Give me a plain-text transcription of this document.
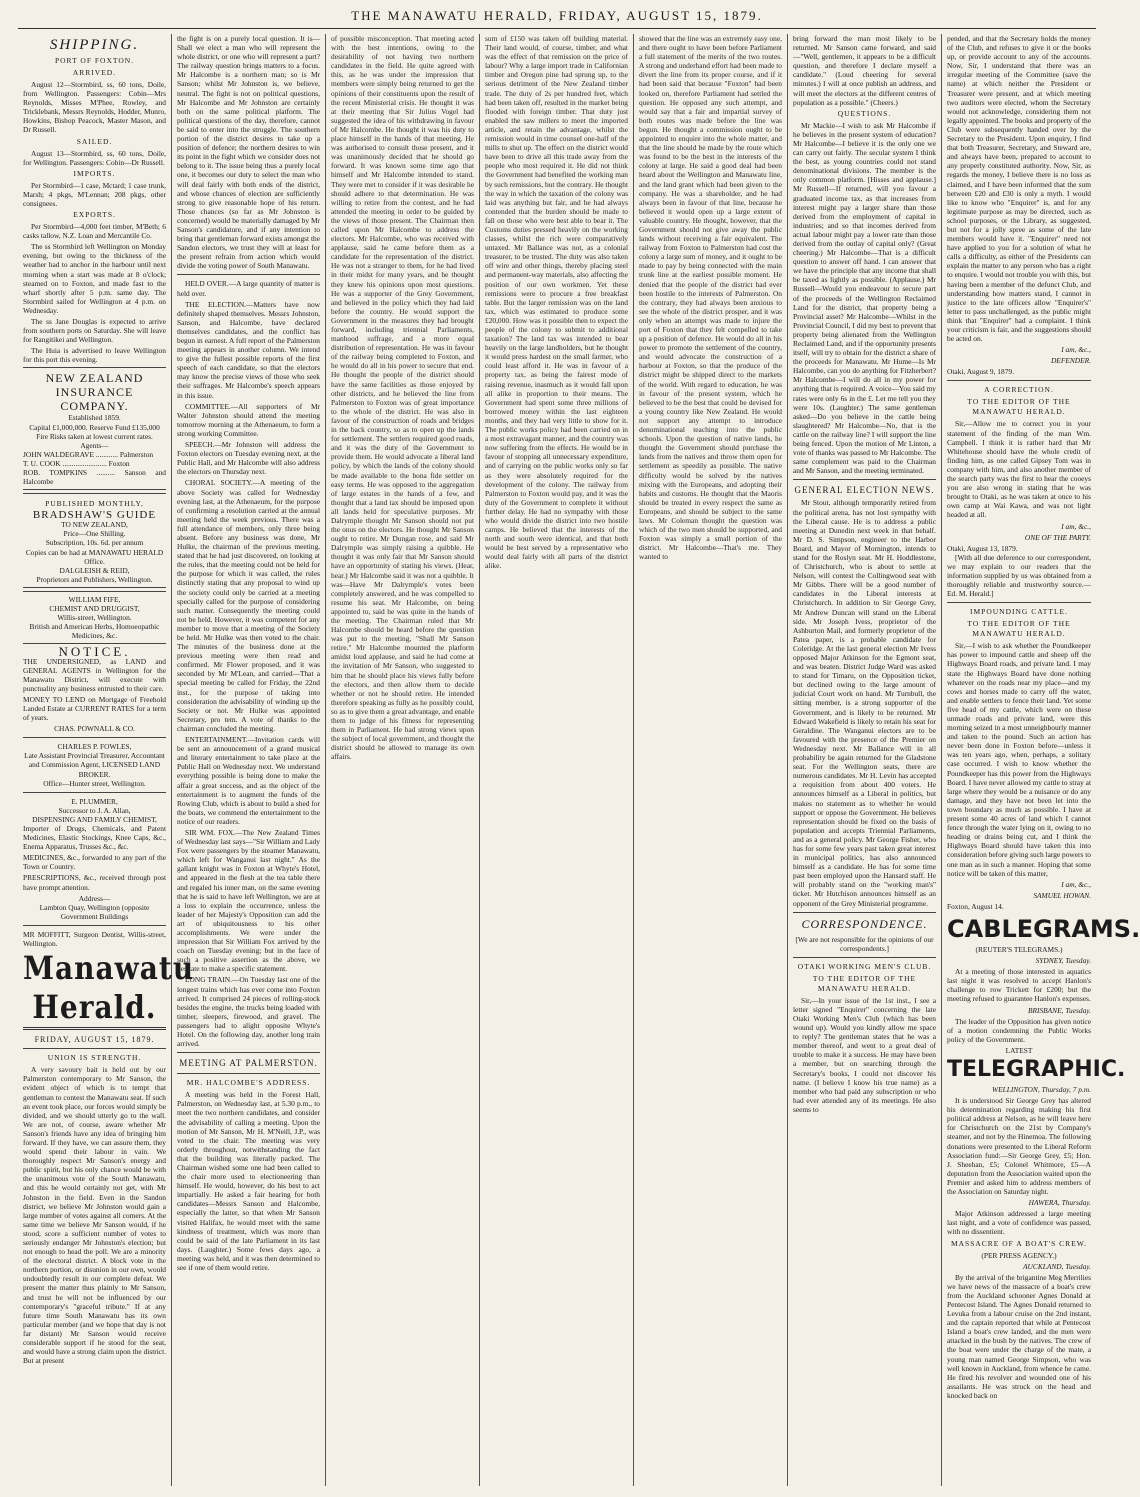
THE MANAWATU HERALD, FRIDAY, AUGUST 15, 1879.
SHIPPING.
PORT OF FOXTON.
ARRIVED.

August 12—Stormbird, ss, 60 tons, Doile, from Wellington. Passengers: Cobin—Mrs Reynolds, Misses M'Phee, Rowley, and Tricklebank, Messrs Reynolds, Hodder, Munro, Howkins, Bishop Peacock, Master Mason, and Dr Russell.

SAILED.

August 13—Stormbird, ss, 60 tons, Doile, for Wellington. Passengers: Cobin—Dr Russell.

IMPORTS.

Per Stormbird—1 case, Mctard; 1 case trunk, Marsh; 4 pkgs, M'Lennan; 208 pkgs, other consignees.

EXPORTS.

Per Stormbird—4,000 feet timber, M'Beth; 6 casks tallow, N.Z. Loan and Mercantile Co.

The ss Stormbird left Wellington on Monday evening, but owing to the thickness of the weather had to anchor in the harbour until next morning when a start was made at 8 o'clock; steamed on to Foxton, and made fast to the wharf shortly after 5 p.m. same day. The Stormbird sailed for Wellington at 4 p.m. on Wednesday.

The ss Jane Douglas is expected to arrive from southern ports on Saturday. She will leave for Rangitikei and Wellington.

The Huia is advertised to leave Wellington for this port this evening.

NEW ZEALAND INSURANCE COMPANY.
Established 1859.
Capital £1,000,000. Reserve Fund £135,000
Fire Risks taken at lowest current rates.
Agents—
JOHN WALDEGRAVE ............ Palmerston
T. U. COOK ........................ Foxton
ROB. TOMPKINS .......... Sanson and Halcombe
PUBLISHED MONTHLY,
BRADSHAW'S GUIDE
TO NEW ZEALAND,
Price—One Shilling.
Subscription, 10s. 6d. per annum
Copies can be had at MANAWATU HERALD Office.
DALGLEISH & REID,
Proprietors and Publishers, Wellington.
WILLIAM FIFE,
CHEMIST AND DRUGGIST,
Willis-street, Wellington.
British and American Herbs, Homoeopathic Medicines, &c.
NOTICE.

THE UNDERSIGNED, as LAND and GENERAL AGENTS in Wellington for the Manawatu District, will execute with punctuality any business entrusted to their care.

MONEY TO LEND on Mortgage of Freehold Landed Estate at CURRENT RATES for a term of years.

CHAS. POWNALL & CO.
CHARLES P. FOWLES,
Late Assistant Provincial Treasurer, Accountant and Commission Agent, LICENSED LAND BROKER.
Office—Hunter street, Wellington.
E. PLUMMER,
Successor to J. A. Allan,
DISPENSING AND FAMILY CHEMIST,

Importer of Drugs, Chemicals, and Patent Medicines, Elastic Stockings, Knee Caps, &c., Enema Apparatus, Trusses &c., &c.

MEDICINES, &c., forwarded to any part of the Town or Country.

PRESCRIPTIONS, &c., received through post have prompt attention.

Address—
Lambton Quay, Wellington (opposite Government Buildings

MR MOFFITT, Surgeon Dentist, Willis-street, Wellington.

Manawatu Herald.
FRIDAY, AUGUST 15, 1879.
UNION IS STRENGTH.

A very savoury bait is held out by our Palmerston contemporary to Mr Sanson, the evident object of which is to tempt that gentleman to contest the Manawatu seat. If such an event took place, our forces would simply be divided, and we should utterly go to the wall. We are not, of course, aware whether Mr Sanson's friends have any idea of bringing him forward. If they have, we can assure them, they would spend their labour in vain. We thoroughly respect Mr Sanson's energy and public spirit, but his only chance would be with the unanimous vote of the South Manawatu, and this he would certainly not get, with Mr Johnston in the field. Even in the Sandon district, we believe Mr Johnston would gain a large number of votes against all comers. At the same time we believe Mr Sanson would, if he stood, score a sufficient number of votes to seriously endanger Mr Johnston's election; but not enough to head the poll. We are a minority of the electoral district. A block vote in the northern portion, or disunion in our own, would undoubtedly result in our complete defeat. We present the matter thus plainly to Mr Sanson, and trust he will not be influenced by our contemporary's "graceful tribute." If at any future time South Manawatu has its own particular member (and we hope that day is not far distant) Mr Sanson would receive considerable support if he stood for the seat, and would have a strong claim upon the district. But at present

the fight is on a purely local question. It is—Shall we elect a man who will represent the whole district, or one who will represent a part? The railway question brings matters to a focus. Mr Halcombe is a northern man; so is Mr Sanson; whilst Mr Johnston is, we believe, neutral. The fight is not on political questions, Mr Halcombe and Mr Johnston are certainly both on the same political platform. The political questions of the day, therefore, cannot be said to enter into the struggle. The southern portion of the district desires to take up a position of defence; the northern desires to win its point in the fight which we consider does not belong to it. The issue being thus a purely local one, it becomes our duty to select the man who will deal fairly with both ends of the district, and whose chances of election are sufficiently strong to give reasonable hope of his return. Those chances (so far as Mr Johnston is concerned) would be materially damaged by Mr Sanson's candidature, and if any intention to bring that gentleman forward exists amongst the Sandon electors, we trust they will at least for the present refrain from action which would divide the voting power of South Manawatu.

HELD OVER.—A large quantity of matter is held over.

THE ELECTION.—Matters have now definitely shaped themselves. Messrs Johnston, Sanson, and Halcombe, have declared themselves candidates, and the conflict has begun in earnest. A full report of the Palmerston meeting appears in another column. We intend to give the fullest possible reports of the first speech of each candidate, so that the electors may know the precise views of those who seek their suffrages. Mr Halcombe's speech appears in this issue.

COMMITTEE.—All supporters of Mr Walter Johnston should attend the meeting tomorrow morning at the Athenaeum, to form a strong working Committee.

SPEECH.—Mr Johnston will address the Foxton electors on Tuesday evening next, at the Public Hall, and Mr Halcombe will also address the electors on Thursday next.

CHORAL SOCIETY.—A meeting of the above Society was called for Wednesday evening last, at the Athenaeum, for the purpose of confirming a resolution carried at the annual meeting held the week previous. There was a full attendance of members, only three being absent. Before any business was done, Mr Hulke, the chairman of the previous meeting, stated that he had just discovered, on looking at the rules, that the meeting could not be held for the purpose for which it was called, the rules distinctly stating that any proposal to wind up the society could only be carried at a meeting specially called for the purpose of considering such matter. Consequently the meeting could not be held. However, it was competent for any member to move that a meeting of the Society be held. Mr Hulke was then voted to the chair. The minutes of the business done at the previous meeting were then read and confirmed. Mr Flower proposed, and it was seconded by Mr M'Lean, and carried—That a special meeting be called for Friday, the 22nd inst., for the purpose of taking into consideration the advisability of winding up the Society or not. Mr Hulke was appointed Secretary, pro tem. A vote of thanks to the chairman concluded the meeting.

ENTERTAINMENT.—Invitation cards will be sent an announcement of a grand musical and literary entertainment to take place at the Public Hall on Wednesday next. We understand everything possible is being done to make the affair a great success, and as the object of the entertainment is to augment the funds of the Rowing Club, which is about to build a shed for the boats, we commend the entertainment to the notice of our readers.

SIR WM. FOX.—The New Zealand Times of Wednesday last says—"Sir William and Lady Fox were passengers by the steamer Manawatu, which left for Wanganui last night." As the gallant knight was in Foxton at Whyte's Hotel, and appeared in the flesh at the tea table there and regaled his inner man, on the same evening that he is said to have left Wellington, we are at a loss to explain the occurrence, unless the leader of her Majesty's Opposition can add the art of ubiquitousness to his other accomplishments. We were under the impression that Sir William Fox arrived by the coach on Tuesday evening; but in the face of such a positive assertion as the above, we hesitate to make a specific statement.

LONG TRAIN.—On Tuesday last one of the longest trains which has ever come into Foxton arrived. It comprised 24 pieces of rolling-stock besides the engine, the trucks being loaded with timber, sleepers, firewood, and gravel. The passengers had to alight opposite Whyte's Hotel. On the following day, another long train arrived.

MEETING AT PALMERSTON.
MR. HALCOMBE'S ADDRESS.

A meeting was held in the Forest Hall, Palmerston, on Wednesday last, at 5.30 p.m., to meet the two northern candidates, and consider the advisability of calling a meeting. Upon the motion of Mr Sanson, Mr H. M'Neill, J.P., was voted to the chair. The meeting was very orderly throughout, notwithstanding the fact that the building was literally packed. The Chairman wished some one had been called to the chair more used to electioneering than himself. He would, however, do his best to act impartially. He asked a fair hearing for both candidates—Messrs Sanson and Halcombe, especially the latter, so that when Mr Sanson visited Halifax, he would meet with the same kindness of treatment, which was more than could be said of the late Parliament in its last days. (Laughter.) Some fews days ago, a meeting was held, and it was then determined to see if one of them would retire.

of possible misconception. That meeting acted with the best intentions, owing to the desirability of not having two northern candidates in the field. He quite agreed with this, as he was under the impression that members were simply being returned to get the opinions of their constituents upon the result of the recent Ministerial crisis. He thought it was at their meeting that Sir Julius Vogel had suggested the idea of his withdrawing in favour of Mr Halcombe. He thought it was his duty to place himself in the hands of that meeting. He was authorised to consult those present, and it was unanimously decided that he should go forward. It was known some time ago that himself and Mr Halcombe intended to stand. They were met to consider if it was desirable he should adhere to that determination. He was willing to retire from the contest, and he had attended the meeting in order to be guided by the views of those present. The Chairman then called upon Mr Halcombe to address the electors. Mr Halcombe, who was received with applause, said he came before them as a candidate for the representation of the district. He was not a stranger to them, for he had lived in their midst for many years, and he thought they knew his opinions upon most questions. He was a supporter of the Grey Government, and believed in the policy which they had laid before the country. He would support the Government in the measures they had brought forward, including triennial Parliaments, manhood suffrage, and a more equal distribution of representation. He was in favour of the railway being completed to Foxton, and he would do all in his power to secure that end. He thought the people of the district should have the same facilities as those enjoyed by other districts, and he believed the line from Palmerston to Foxton was of great importance to the whole of the district. He was also in favour of the construction of roads and bridges in the back country, so as to open up the lands for settlement. The settlers required good roads, and it was the duty of the Government to provide them. He would advocate a liberal land policy, by which the lands of the colony should be made available to the bona fide settler on easy terms. He was opposed to the aggregation of large estates in the hands of a few, and thought that a land tax should be imposed upon all lands held for speculative purposes. Mr Dalrymple thought Mr Sanson should not put the onus on the electors. He thought Mr Sanson ought to retire. Mr Dungan rose, and said Mr Dalrymple was simply raising a quibble. He thought it was only fair that Mr Sanson should have an opportunity of stating his views. (Hear, hear.) Mr Halcombe said it was not a quibble. It was—Have Mr Dalrymple's votes been completely answered, and he was compelled to resume his seat. Mr Halcombe, on being appointed to, said he was quite in the hands of the meeting. The Chairman ruled that Mr Halcombe should be heard before the question was put to the meeting, "Shall Mr Sanson retire." Mr Halcombe mounted the platform amidst loud applause, and said he had come at the invitation of Mr Sanson, who suggested to him that he should place his views fully before the electors, and then allow them to decide whether or not he should retire. He intended therefore speaking as fully as he possibly could, so as to give them a great advantage, and enable them to judge of his fitness for representing them in Parliament. He had strong views upon the subject of local government, and thought the district should be allowed to manage its own affairs.

sum of £150 was taken off building material. Their land would, of course, timber, and what was the effect of that remission on the price of labour? Why a large import trade in Californian timber and Oregon pine had sprung up, to the serious detriment of the New Zealand timber trade. The duty of 2s per hundred feet, which had been taken off, resulted in the market being flooded with foreign timber. That duty just enabled the saw millers to meet the imported article, and retain the advantage, whilst the remission would in time counsel one-half of the mills to shut up. The effect on the district would have been to drive all this trade away from the people who most required it. He did not think the Government had benefited the working man by such remissions, but the contrary. He thought the way in which the taxation of the colony was laid was anything but fair, and he had always contended that the burden should be made to fall on those who were best able to bear it. The Customs duties pressed heavily on the working classes, whilst the rich were comparatively untaxed. Mr Ballance was not, as a colonial treasurer, to be trusted. The duty was also taken off wire and other things, thereby placing steel and permanent-way materials, also affecting the position of our own workmen. Yet these remissions were to procure a free breakfast table. But the larger remission was on the land tax, which was estimated to produce some £20,000. How was it possible then to expect the people of the colony to submit to additional taxation? The land tax was intended to bear heavily on the large landholders, but he thought it would press hardest on the small farmer, who could least afford it. He was in favour of a property tax, as being the fairest mode of raising revenue, inasmuch as it would fall upon all alike in proportion to their means. The Government had spent some three millions of borrowed money within the last eighteen months, and they had very little to show for it. The public works policy had been carried on in a most extravagant manner, and the country was now suffering from the effects. He would be in favour of stopping all unnecessary expenditure, and of carrying on the public works only so far as they were absolutely required for the development of the colony. The railway from Palmerston to Foxton would pay, and it was the duty of the Government to complete it without further delay. He had no sympathy with those who would divide the district into two hostile camps. He believed that the interests of the north and south were identical, and that both would be best served by a representative who would deal fairly with all parts of the district alike.

showed that the line was an extremely easy one, and there ought to have been before Parliament a full statement of the merits of the two routes. A strong and underhand effort had been made to divert the line from its proper course, and if it had been said that because "Foxton" had been looked on, therefore Parliament had settled the question. He opposed any such attempt, and would say that a fair and impartial survey of both routes was made before the line was begun. He thought a commission ought to be appointed to enquire into the whole matter, and that the line should be made by the route which was found to be the best in the interests of the colony at large. He said a good deal had been heard about the Wellington and Manawatu line, and the land grant which had been given to the company. He was a shareholder, and he had always been in favour of that line, because he believed it would open up a large extent of valuable country. He thought, however, that the Government should not give away the public lands without receiving a fair equivalent. The railway from Foxton to Palmerston had cost the colony a large sum of money, and it ought to be made to pay by being connected with the main trunk line at the earliest possible moment. He denied that the people of the district had ever been hostile to the interests of Palmerston. On the contrary, they had always been anxious to see the whole of the district prosper, and it was only when an attempt was made to injure the port of Foxton that they felt compelled to take up a position of defence. He would do all in his power to promote the settlement of the country, and would advocate the construction of a harbour at Foxton, so that the produce of the district might be shipped direct to the markets of the world. With regard to education, he was in favour of the present system, which he believed to be the best that could be devised for a young country like New Zealand. He would not support any attempt to introduce denominational teaching into the public schools. Upon the question of native lands, he thought the Government should purchase the lands from the natives and throw them open for settlement as speedily as possible. The native difficulty would be solved by the natives mixing with the Europeans, and adopting their habits and customs. He thought that the Maoris should be treated in every respect the same as Europeans, and should be subject to the same laws. Mr Coleman thought the question was which of the two men should be supported, and Foxton was simply a small portion of the district. Mr Halcombe—That's me. They wanted to

bring forward the man most likely to be returned. Mr Sanson came forward, and said—"Well, gentlemen, it appears to be a difficult question, and therefore I declare myself a candidate." (Loud cheering for several minutes.) I will at once publish an address, and will meet the electors at the different centres of population as a possible." (Cheers.)

QUESTIONS.

Mr Mackie—I wish to ask Mr Halcombe if he believes in the present system of education? Mr Halcombe—I believe it is the only one we can carry out fairly. The secular system I think the best, as young countries could not stand denominational divisions. The member is the only common platform. [Hisses and applause.] Mr Russell—If returned, will you favour a graduated income tax, as that increases from interest might pay a larger share than those derived from the employment of capital in industries; and so that incomes derived from actual labour might pay a lower rate than those derived from the outlay of capital only? (Great cheering.) Mr Halcombe—That is a difficult question to answer off hand. I can answer that we have the principle that any income that shall be taxed as lightly as possible. (Applause.) Mr Russell—Would you endeavour to secure part of the proceeds of the Wellington Reclaimed Land for the district, that property being a Provincial asset? Mr Halcombe—Whilst in the Provincial Council, I did my best to prevent that property being alienated from the Wellington Reclaimed Land, and if the opportunity presents itself, will try to obtain for the district a share of the proceeds for Manawatu. Mr Hume—Is Mr Halcombe, can you do anything for Fitzherbert? Mr Halcombe—I will do all in my power for anything that is required. A voice—You said my rates were only 6s in the £. Let me tell you they were 10s. (Laughter.) The same gentleman asked—Do you believe in the cattle being slaughtered? Mr Halcombe—No, that is the cattle on the railway line? I will support the line being fenced. Upon the motion of Mr Linton, a vote of thanks was passed to Mr Halcombe. The same complement was paid to the Chairman and Mr Sanson, and the meeting terminated.

GENERAL ELECTION NEWS.

Mr Stout, although temporarily retired from the political arena, has not lost sympathy with the Liberal cause. He is to address a public meeting at Dunedin next week in that behalf. Mr D. S. Simpson, engineer to the Harbor Board, and Mayor of Mornington, intends to stand for the Roslyn seat. Mr H. Hoddlestone, of Christchurch, who is about to settle at Nelson, will contest the Collingwood seat with Mr Gibbs. There will be a good number of candidates in the Liberal interests at Christchurch. In addition to Sir George Grey, Mr Andrew Duncan will stand on the Liberal side. Mr Joseph Ivess, proprietor of the Ashburton Mail, and formerly proprietor of the Patea paper, is a probable candidate for Coleridge. At the last general election Mr Ivess opposed Major Atkinson for the Egmont seat, and was beaten. District Judge Ward was asked to stand for Timaru, on the Opposition ticket, but declined owing to the large amount of judicial Court work on hand. Mr Turnbull, the sitting member, is a strong supporter of the Government, and is likely to be returned. Mr Edward Wakefield is likely to retain his seat for Geraldine. The Wanganui electors are to be favoured with the presence of the Premier on Wednesday next. Mr Ballance will in all probability be again returned for the Gladstone seat. For the Wellington seats, there are numerous candidates. Mr H. Levin has accepted a requisition from about 400 voters. He announces himself as a Liberal in politics, but makes no statement as to whether he would support or oppose the Government. He believes representation should be fixed on the basis of population and accepts Triennial Parliaments, and as a general policy. Mr George Fisher, who has for some few years past taken great interest in municipal politics, has also announced himself as a candidate. He has for some time past been employed upon the Hansard staff. He will probably stand on the "working man's" ticket. Mr Hutchison announces himself as an opponent of the Grey Ministerial programme.

CORRESPONDENCE.
[We are not responsible for the opinions of our correspondents.]
OTAKI WORKING MEN'S CLUB.
TO THE EDITOR OF THE MANAWATU HERALD.

Sir,—In your issue of the 1st inst., I see a letter signed "Enquirer" concerning the late Otaki Working Men's Club (which has been wound up). Would you kindly allow me space to reply? The gentleman states that he was a member thereof, and went to a great deal of trouble to make it a success. He may have been a member, but on searching through the Secretary's books, I could not discover his name. (I believe I know his true name) as a member who had paid any subscription or who had ever attended any of its meetings. He also seems to

pended, and that the Secretary holds the money of the Club, and refuses to give it or the books up, or provide account to any of the accounts. Now, Sir, I understand that there was an irregular meeting of the Committee (save the name) at which neither the President or Treasurer were present, and at which meeting two auditors were elected, whom the Secretary would not acknowledge, considering them not legally appointed. The books and property of the Club were subsequently handed over by the Secretary to the President. Upon enquiry, I find that both Treasurer, Secretary, and Steward are, and always have been, prepared to account to any properly constituted authority. Now, Sir, as regards the money, I believe there is no loss as claimed, and I have been informed that the sum between £20 and £30 is only a myth. I would like to know who "Enquirer" is, and for any legitimate purpose as may be directed, such as school purposes, or the Library, as suggested, but not for a jolly spree as some of the late members would have it. "Enquirer" need not have applied to you for a solution of what he calls a difficulty, as either of the Presidents can explain the matter to any person who has a right to enquire. I would not trouble you with this, but having been a member of the defunct Club, and understanding how matters stand, I cannot in justice to the late officers allow "Enquirer's" letter to pass unchallenged, as the public might think that "Enquirer" had a complaint. I think your criticism is fair, and the suggestions should be acted on.

I am, &c.,
DEFENDER.
Otaki, August 9, 1879.
A CORRECTION.
TO THE EDITOR OF THE MANAWATU HERALD.

Sir,—Allow me to correct you in your statement of the finding of the man Wm. Campbell. I think it is rather hard that Mr Whitehouse should have the whole credit of finding him, as one called Gipsey Tom was in company with him, and also another member of the search party was the first to hear the cooeys you are also wrong in stating that he was brought to Otaki, as he was taken at once to his own camp at Wai Kawa, and was not light headed at all.

I am, &c.,
ONE OF THE PARTY.
Otaki, August 13, 1879.

[With all due deference to our correspondent, we may explain to our readers that the information supplied by us was obtained from a thoroughly reliable and trustworthy source.—Ed. M. Herald.]

IMPOUNDING CATTLE.
TO THE EDITOR OF THE MANAWATU HERALD.

Sir,—I wish to ask whether the Poundkeeper has power to impound cattle and sheep off the Highways Board roads, and private land. I may state the Highways Board have done nothing whatever on the roads near my place—and my cows and horses made to carry off the water, and enable settlers to fence their land. Yet some five head of my cattle, which were on these unmade roads and private land, were this morning seized in a most unneighbourly manner and taken to the pound. Such an action has never been done in Foxton before—unless it was ten years ago, when, perhaps, a solitary case occurred. I wish to know whether the Poundkeeper has this power from the Highways Board. I have never allowed my cattle to stray at large where they would be a nuisance or do any damage, and they have not been let into the town boundary as much as possible. I have at present some 40 acres of land which I cannot fence through the water lying on it, owing to no heading or drains being cut, and I think the Highways Board should have taken this into consideration before giving such large powers to one man as in such a manner. Hoping that some notice will be taken of this matter,

I am, &c.,
SAMUEL HOWAN.
Foxton, August 14.
CABLEGRAMS.
(REUTER'S TELEGRAMS.)
SYDNEY, Tuesday.

At a meeting of those interested in aquatics last night it was resolved to accept Hanlon's challenge to row Trickett for £200; but the meeting refused to guarantee Hanlon's expenses.

BRISBANE, Tuesday.

The leader of the Opposition has given notice of a motion condemning the Public Works policy of the Government.

LATEST
TELEGRAPHIC.
WELLINGTON, Thursday, 7 p.m.

It is understood Sir George Grey has altered his determination regarding making his first political address at Nelson, as he will leave here for Christchurch on the 21st by Company's steamer, and not by the Hinemoa. The following donations were presented to the Liberal Reform Association fund:—Sir George Grey, £5; Hon. J. Sheehan, £5; Colonel Whitmore, £5—A deputation from the Association waited upon the Premier and asked him to address members of the Association on Saturday night.

HAWERA, Thursday.

Major Atkinson addressed a large meeting last night, and a vote of confidence was passed, with no dissentient.

MASSACRE OF A BOAT'S CREW.
(PER PRESS AGENCY.)
AUCKLAND, Tuesday.

By the arrival of the brigantine Meg Merrilies we have news of the massacre of a boat's crew from the Auckland schooner Agnes Donald at Pentecost Island. The Agnes Donald returned to Levuka from a labour cruise on the 2nd instant, and the captain reported that while at Pentecost Island a boat's crew landed, and the men were attacked in the bush by the natives. The crew of the boat were under the charge of the mate, a young man named George Simpson, who was well known in Auckland, from whence he came. He fired his revolver and wounded one of his assailants. He was struck on the head and knocked back on
